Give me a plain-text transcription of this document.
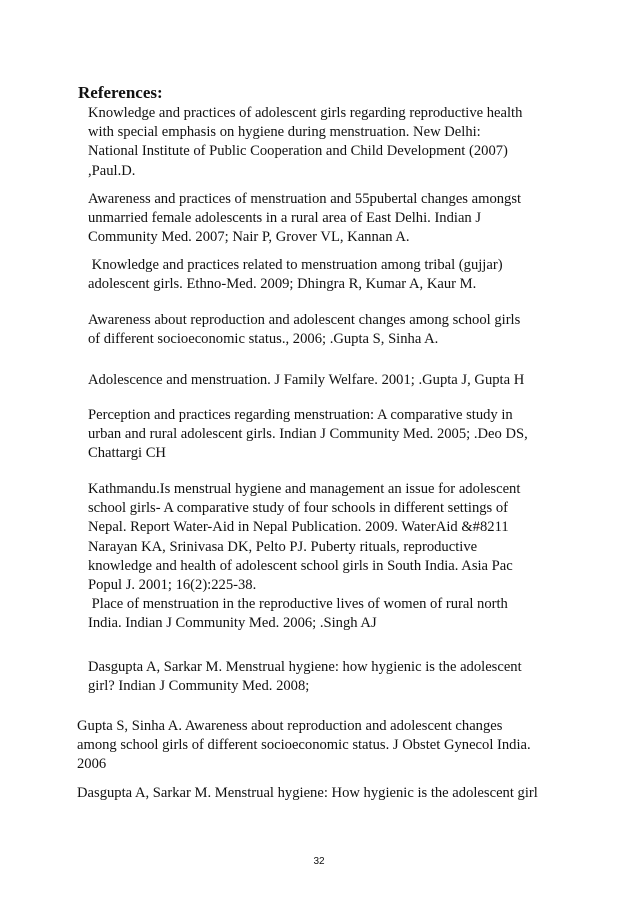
References:
Knowledge and practices of adolescent girls regarding reproductive health
with special emphasis on hygiene during menstruation. New Delhi:
National Institute of Public Cooperation and Child Development (2007)
,Paul.D.
Awareness and practices of menstruation and 55pubertal changes amongst
unmarried female adolescents in a rural area of East Delhi. Indian J
Community Med. 2007; Nair P, Grover VL, Kannan A.
Knowledge and practices related to menstruation among tribal (gujjar)
adolescent girls. Ethno-Med. 2009; Dhingra R, Kumar A, Kaur M.
Awareness about reproduction and adolescent changes among school girls
of different socioeconomic status., 2006; .Gupta S, Sinha A.
Adolescence and menstruation. J Family Welfare. 2001; .Gupta J, Gupta H
Perception and practices regarding menstruation: A comparative study in
urban and rural adolescent girls. Indian J Community Med. 2005; .Deo DS,
Chattargi CH
Kathmandu.Is menstrual hygiene and management an issue for adolescent
school girls- A comparative study of four schools in different settings of
Nepal. Report Water-Aid in Nepal Publication. 2009. WaterAid &#8211
Narayan KA, Srinivasa DK, Pelto PJ. Puberty rituals, reproductive
knowledge and health of adolescent school girls in South India. Asia Pac
Popul J. 2001; 16(2):225-38.
Place of menstruation in the reproductive lives of women of rural north
India. Indian J Community Med. 2006; .Singh AJ
Dasgupta A, Sarkar M. Menstrual hygiene: how hygienic is the adolescent
girl? Indian J Community Med. 2008;
Gupta S, Sinha A. Awareness about reproduction and adolescent changes
among school girls of different socioeconomic status. J Obstet Gynecol India.
2006
Dasgupta A, Sarkar M. Menstrual hygiene: How hygienic is the adolescent girl
32
